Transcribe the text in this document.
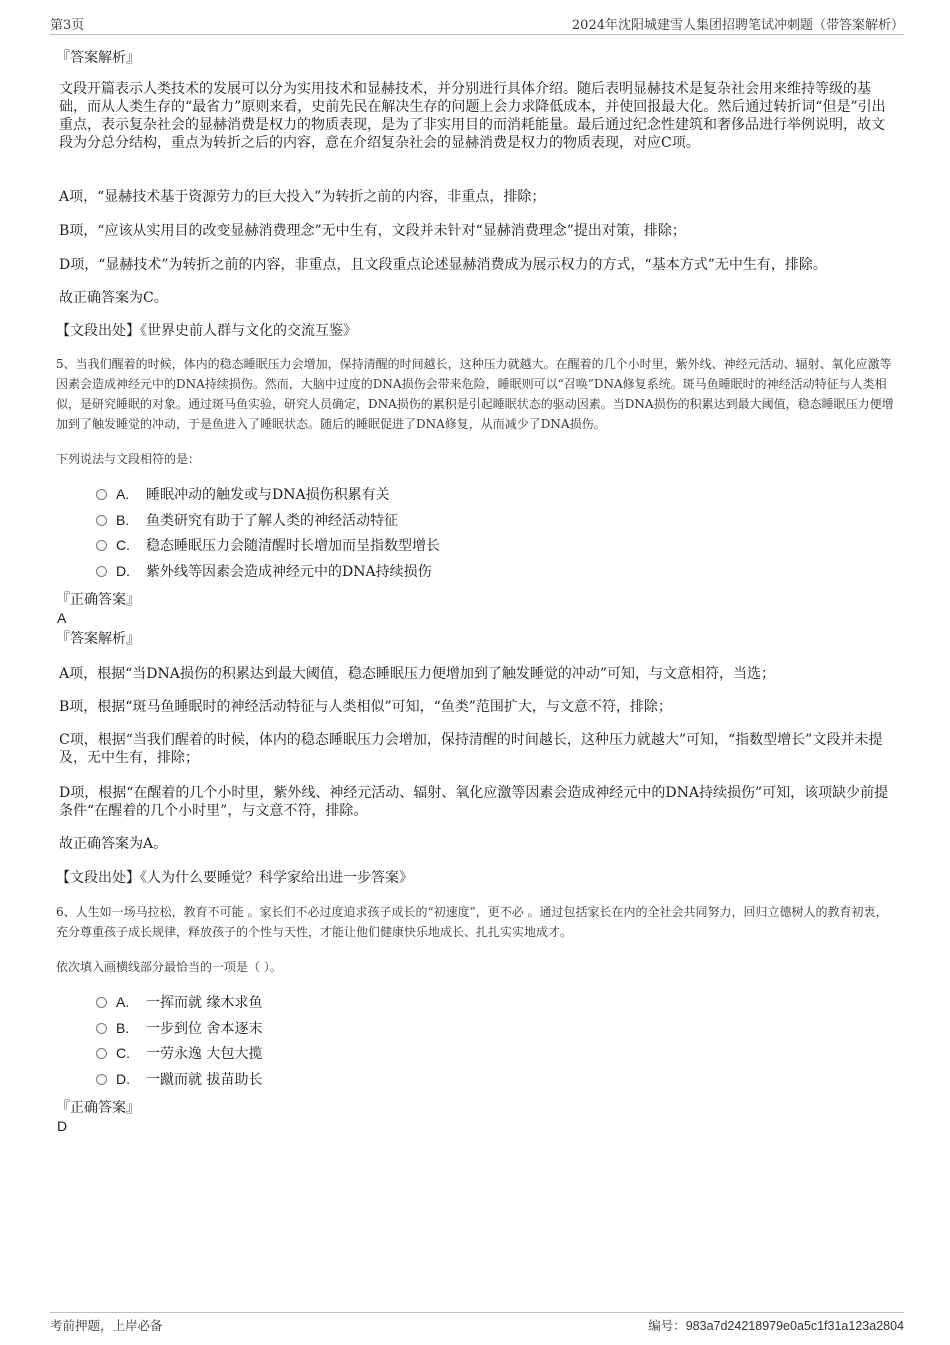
第3页	2024年沈阳城建雪人集团招聘笔试冲刺题（带答案解析）
『答案解析』

文段开篇表示人类技术的发展可以分为实用技术和显赫技术，并分别进行具体介绍。随后表明显赫技术是复杂社会用来维持等级的基础，而从人类生存的“最省力”原则来看，史前先民在解决生存的问题上会力求降低成本，并使回报最大化。然后通过转折词“但是”引出重点，表示复杂社会的显赫消费是权力的物质表现，是为了非实用目的而消耗能量。最后通过纪念性建筑和奢侈品进行举例说明，故文段为分总分结构，重点为转折之后的内容，意在介绍复杂社会的显赫消费是权力的物质表现，对应C项。

A项，“显赫技术基于资源劳力的巨大投入”为转折之前的内容，非重点，排除；

B项，“应该从实用目的改变显赫消费理念”无中生有，文段并未针对“显赫消费理念”提出对策，排除；

D项，“显赫技术”为转折之前的内容，非重点，且文段重点论述显赫消费成为展示权力的方式，“基本方式”无中生有，排除。

故正确答案为C。

【文段出处】《世界史前人群与文化的交流互鉴》

5、当我们醒着的时候，体内的稳态睡眠压力会增加，保持清醒的时间越长，这种压力就越大。在醒着的几个小时里，紫外线、神经元活动、辐射、氧化应激等因素会造成神经元中的DNA持续损伤。然而，大脑中过度的DNA损伤会带来危险，睡眠则可以“召唤”DNA修复系统。斑马鱼睡眠时的神经活动特征与人类相似，是研究睡眠的对象。通过斑马鱼实验，研究人员确定，DNA损伤的累积是引起睡眠状态的驱动因素。当DNA损伤的积累达到最大阈值，稳态睡眠压力便增加到了触发睡觉的冲动，于是鱼进入了睡眠状态。随后的睡眠促进了DNA修复，从而减少了DNA损伤。

下列说法与文段相符的是：

A. 睡眠冲动的触发或与DNA损伤积累有关
B. 鱼类研究有助于了解人类的神经活动特征
C. 稳态睡眠压力会随清醒时长增加而呈指数型增长
D. 紫外线等因素会造成神经元中的DNA持续损伤
『正确答案』
A
『答案解析』

A项，根据“当DNA损伤的积累达到最大阈值，稳态睡眠压力便增加到了触发睡觉的冲动”可知，与文意相符，当选；

B项，根据“斑马鱼睡眠时的神经活动特征与人类相似”可知，“鱼类”范围扩大，与文意不符，排除；

C项，根据“当我们醒着的时候，体内的稳态睡眠压力会增加，保持清醒的时间越长，这种压力就越大”可知，“指数型增长”文段并未提及，无中生有，排除；

D项，根据“在醒着的几个小时里，紫外线、神经元活动、辐射、氧化应激等因素会造成神经元中的DNA持续损伤”可知，该项缺少前提条件“在醒着的几个小时里”，与文意不符，排除。

故正确答案为A。

【文段出处】《人为什么要睡觉？科学家给出进一步答案》

6、人生如一场马拉松，教育不可能 。家长们不必过度追求孩子成长的“初速度”，更不必 。通过包括家长在内的全社会共同努力，回归立德树人的教育初衷，充分尊重孩子成长规律，释放孩子的个性与天性，才能让他们健康快乐地成长、扎扎实实地成才。

依次填入画横线部分最恰当的一项是（ ）。

A. 一挥而就 缘木求鱼
B. 一步到位 舍本逐末
C. 一劳永逸 大包大揽
D. 一蹴而就 拔苗助长
『正确答案』
D
考前押题，上岸必备	编号：983a7d24218979e0a5c1f31a123a2804
